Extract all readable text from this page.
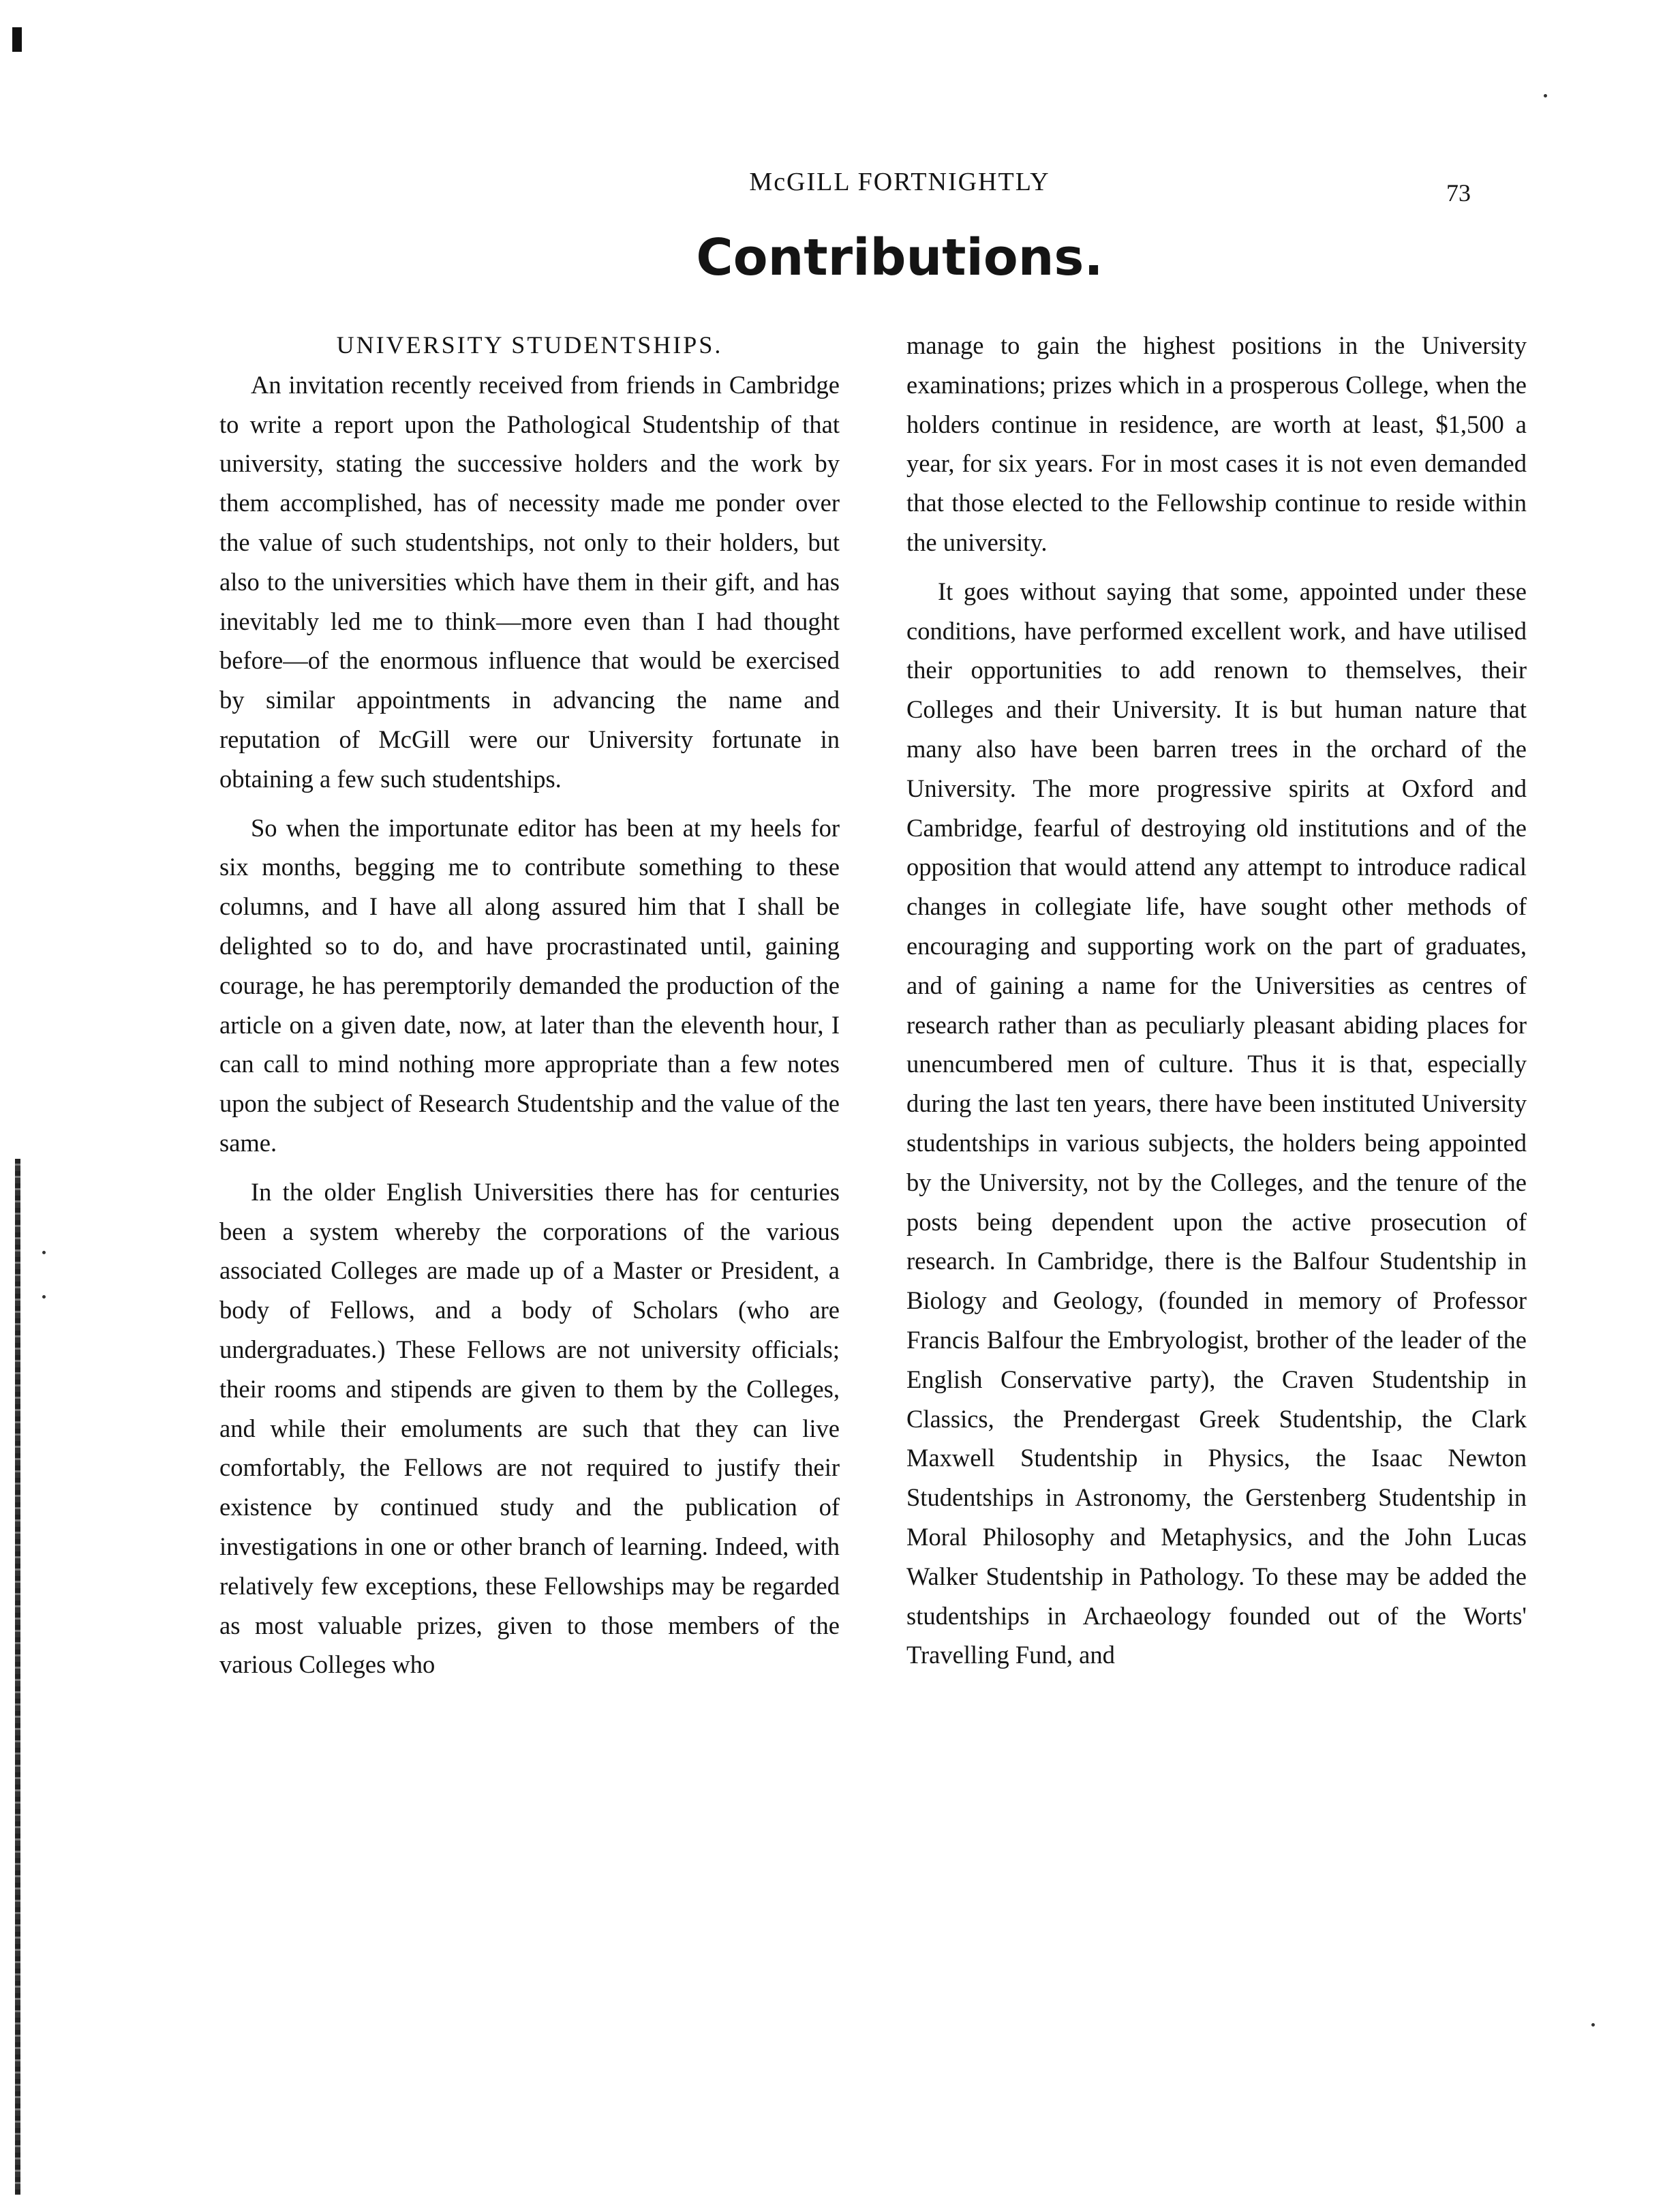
McGILL FORTNIGHTLY	73
Contributions.

UNIVERSITY STUDENTSHIPS.

An invitation recently received from friends in Cambridge to write a report upon the Pathological Studentship of that university, stating the successive holders and the work by them accomplished, has of necessity made me ponder over the value of such studentships, not only to their holders, but also to the universities which have them in their gift, and has inevitably led me to think—more even than I had thought before—of the enormous influence that would be exercised by similar appointments in advancing the name and reputation of McGill were our University fortunate in obtaining a few such studentships.

So when the importunate editor has been at my heels for six months, begging me to contribute something to these columns, and I have all along assured him that I shall be delighted so to do, and have procrastinated until, gaining courage, he has peremptorily demanded the production of the article on a given date, now, at later than the eleventh hour, I can call to mind nothing more appropriate than a few notes upon the subject of Research Studentship and the value of the same.

In the older English Universities there has for centuries been a system whereby the corporations of the various associated Colleges are made up of a Master or President, a body of Fellows, and a body of Scholars (who are undergraduates.) These Fellows are not university officials; their rooms and stipends are given to them by the Colleges, and while their emoluments are such that they can live comfortably, the Fellows are not required to justify their existence by continued study and the publication of investigations in one or other branch of learning. Indeed, with relatively few exceptions, these Fellowships may be regarded as most valuable prizes, given to those members of the various Colleges who

manage to gain the highest positions in the University examinations; prizes which in a prosperous College, when the holders continue in residence, are worth at least, $1,500 a year, for six years. For in most cases it is not even demanded that those elected to the Fellowship continue to reside within the university.

It goes without saying that some, appointed under these conditions, have performed excellent work, and have utilised their opportunities to add renown to themselves, their Colleges and their University. It is but human nature that many also have been barren trees in the orchard of the University. The more progressive spirits at Oxford and Cambridge, fearful of destroying old institutions and of the opposition that would attend any attempt to introduce radical changes in collegiate life, have sought other methods of encouraging and supporting work on the part of graduates, and of gaining a name for the Universities as centres of research rather than as peculiarly pleasant abiding places for unencumbered men of culture. Thus it is that, especially during the last ten years, there have been instituted University studentships in various subjects, the holders being appointed by the University, not by the Colleges, and the tenure of the posts being dependent upon the active prosecution of research. In Cambridge, there is the Balfour Studentship in Biology and Geology, (founded in memory of Professor Francis Balfour the Embryologist, brother of the leader of the English Conservative party), the Craven Studentship in Classics, the Prendergast Greek Studentship, the Clark Maxwell Studentship in Physics, the Isaac Newton Studentships in Astronomy, the Gerstenberg Studentship in Moral Philosophy and Metaphysics, and the John Lucas Walker Studentship in Pathology. To these may be added the studentships in Archaeology founded out of the Worts' Travelling Fund, and
